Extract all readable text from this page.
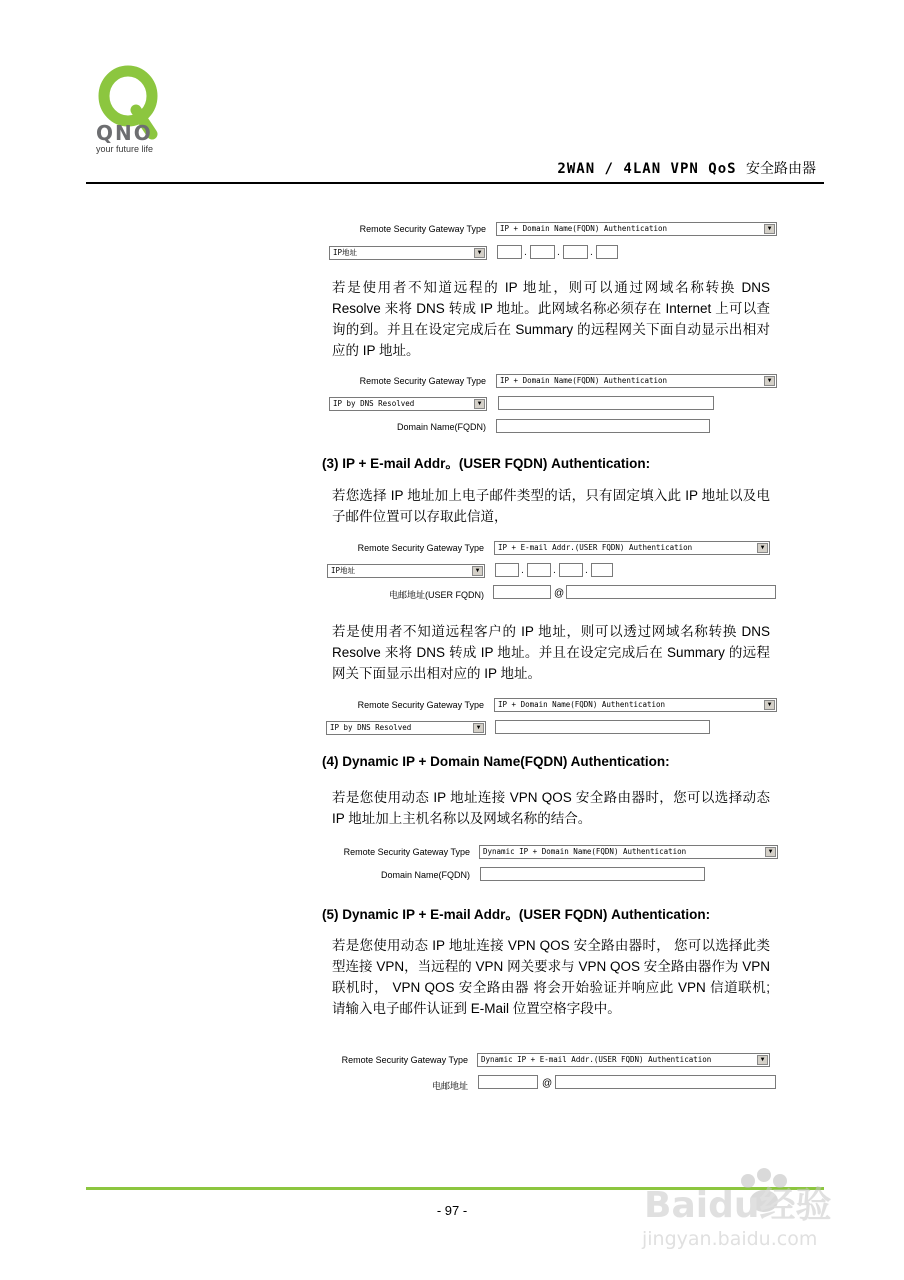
QNO
your future life
2WAN / 4LAN VPN QoS 安全路由器
Remote Security Gateway Type	IP + Domain Name(FQDN) Authentication	▼
IP地址	▼	.	.	.
若是使用者不知道远程的 IP 地址，则可以通过网域名称转换 DNS Resolve 来将 DNS 转成 IP 地址。此网域名称必须存在 Internet 上可以查询的到。并且在设定完成后在 Summary 的远程网关下面自动显示出相对应的 IP 地址。
Remote Security Gateway Type	IP + Domain Name(FQDN) Authentication	▼
IP by DNS Resolved	▼
Domain Name(FQDN)
(3) IP + E-mail Addr。(USER FQDN) Authentication:
若您选择 IP 地址加上电子邮件类型的话，只有固定填入此 IP 地址以及电子邮件位置可以存取此信道，
Remote Security Gateway Type	IP + E-mail Addr.(USER FQDN) Authentication	▼
IP地址	▼	.	.	.
电邮地址(USER FQDN)	@
若是使用者不知道远程客户的 IP 地址，则可以透过网域名称转换 DNS Resolve 来将 DNS 转成 IP 地址。并且在设定完成后在 Summary 的远程网关下面显示出相对应的 IP 地址。
Remote Security Gateway Type	IP + Domain Name(FQDN) Authentication	▼
IP by DNS Resolved	▼
(4) Dynamic IP + Domain Name(FQDN) Authentication:
若是您使用动态 IP 地址连接 VPN QOS 安全路由器时，您可以选择动态 IP 地址加上主机名称以及网域名称的结合。
Remote Security Gateway Type	Dynamic IP + Domain Name(FQDN) Authentication	▼
Domain Name(FQDN)
(5) Dynamic IP + E-mail Addr。(USER FQDN) Authentication:
若是您使用动态 IP 地址连接 VPN QOS 安全路由器时， 您可以选择此类型连接 VPN，当远程的 VPN 网关要求与 VPN QOS 安全路由器作为 VPN 联机时， VPN QOS 安全路由器 将会开始验证并响应此 VPN 信道联机; 请输入电子邮件认证到 E-Mail 位置空格字段中。
Remote Security Gateway Type	Dynamic IP + E-mail Addr.(USER FQDN) Authentication	▼
电邮地址	@
- 97 -	Baidu经验
jingyan.baidu.com
